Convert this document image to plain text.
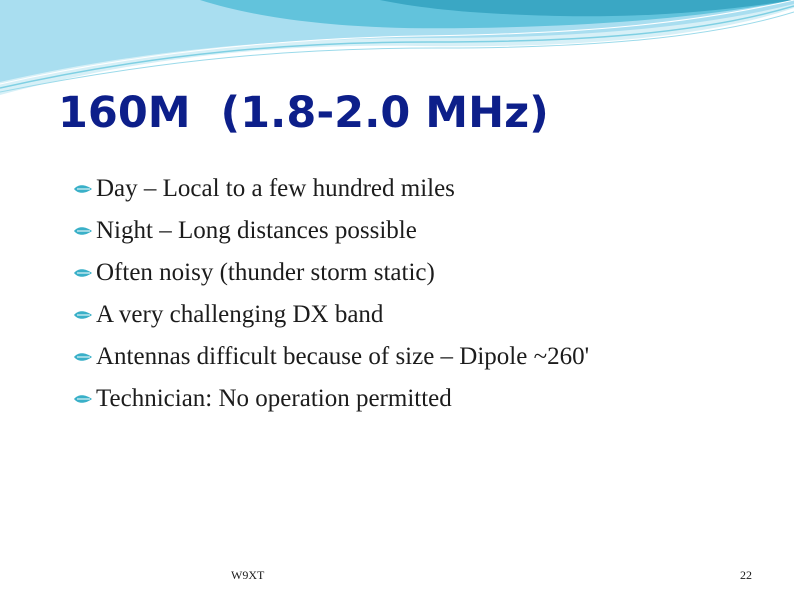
160M  (1.8-2.0 MHz)
Day – Local to a few hundred miles
Night – Long distances possible
Often noisy (thunder storm static)
A very challenging DX band
Antennas difficult because of size – Dipole ~260'
Technician: No operation permitted
W9XT	22
